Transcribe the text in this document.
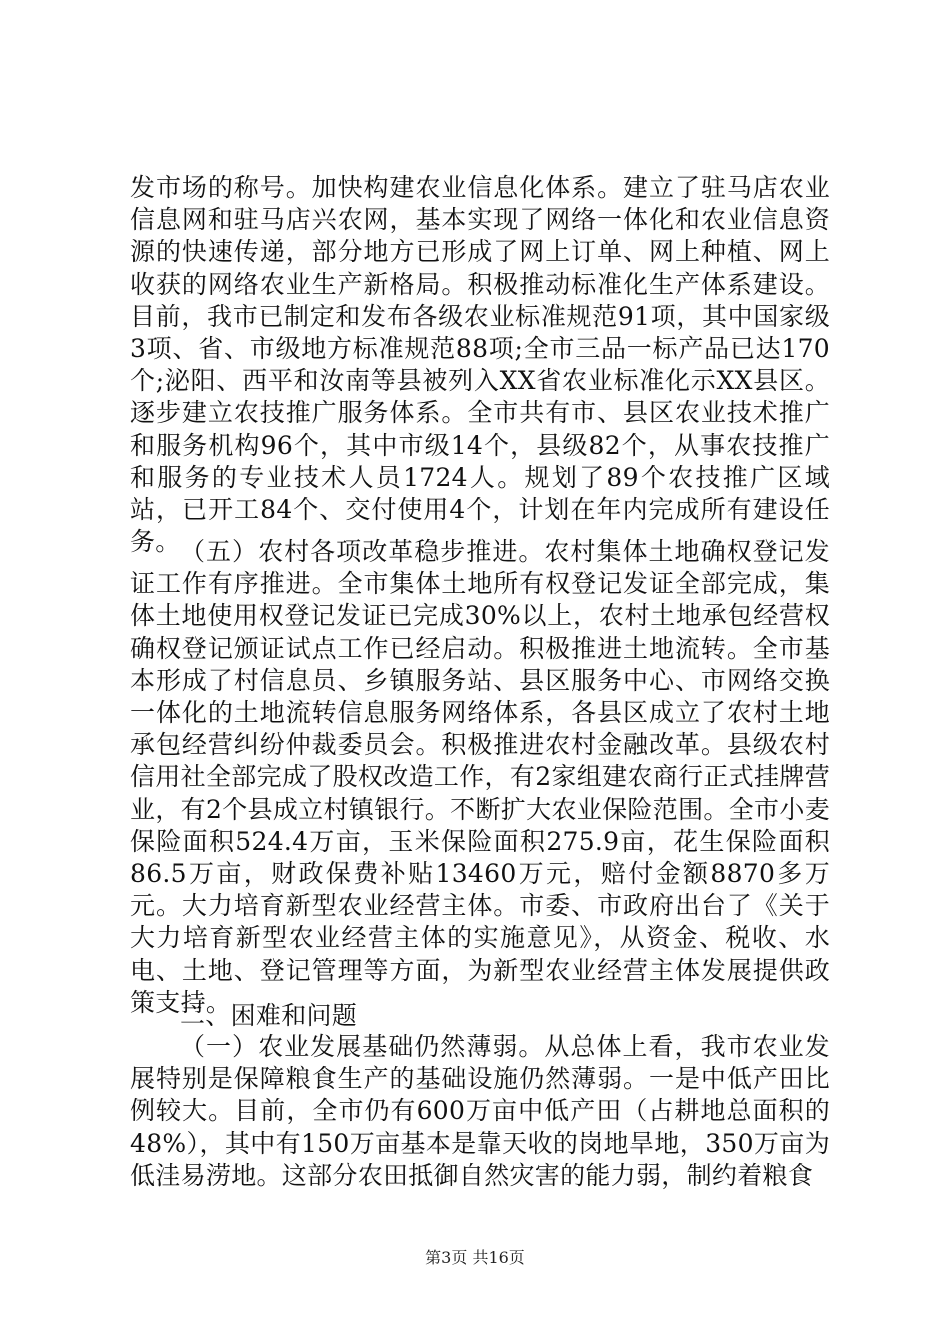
发市场的称号。加快构建农业信息化体系。建立了驻马店农业信息网和驻马店兴农网，基本实现了网络一体化和农业信息资源的快速传递，部分地方已形成了网上订单、网上种植、网上收获的网络农业生产新格局。积极推动标准化生产体系建设。目前，我市已制定和发布各级农业标准规范91项，其中国家级3项、省、市级地方标准规范88项;全市三品一标产品已达170个;泌阳、西平和汝南等县被列入XX省农业标准化示XX县区。逐步建立农技推广服务体系。全市共有市、县区农业技术推广和服务机构96个，其中市级14个，县级82个，从事农技推广和服务的专业技术人员1724人。规划了89个农技推广区域站，已开工84个、交付使用4个，计划在年内完成所有建设任务。 （五）农村各项改革稳步推进。农村集体土地确权登记发证工作有序推进。全市集体土地所有权登记发证全部完成，集体土地使用权登记发证已完成30%以上，农村土地承包经营权确权登记颁证试点工作已经启动。积极推进土地流转。全市基本形成了村信息员、乡镇服务站、县区服务中心、市网络交换一体化的土地流转信息服务网络体系，各县区成立了农村土地承包经营纠纷仲裁委员会。积极推进农村金融改革。县级农村信用社全部完成了股权改造工作，有2家组建农商行正式挂牌营业，有2个县成立村镇银行。不断扩大农业保险范围。全市小麦保险面积524.4万亩，玉米保险面积275.9亩，花生保险面积86.5万亩，财政保费补贴13460万元，赔付金额8870多万元。大力培育新型农业经营主体。市委、市政府出台了《关于大力培育新型农业经营主体的实施意见》，从资金、税收、水电、土地、登记管理等方面，为新型农业经营主体发展提供政策支持。

二、困难和问题

（一）农业发展基础仍然薄弱。从总体上看，我市农业发展特别是保障粮食生产的基础设施仍然薄弱。一是中低产田比例较大。目前，全市仍有600万亩中低产田（占耕地总面积的48%），其中有150万亩基本是靠天收的岗地旱地，350万亩为低洼易涝地。这部分农田抵御自然灾害的能力弱，制约着粮食

第3页 共16页
